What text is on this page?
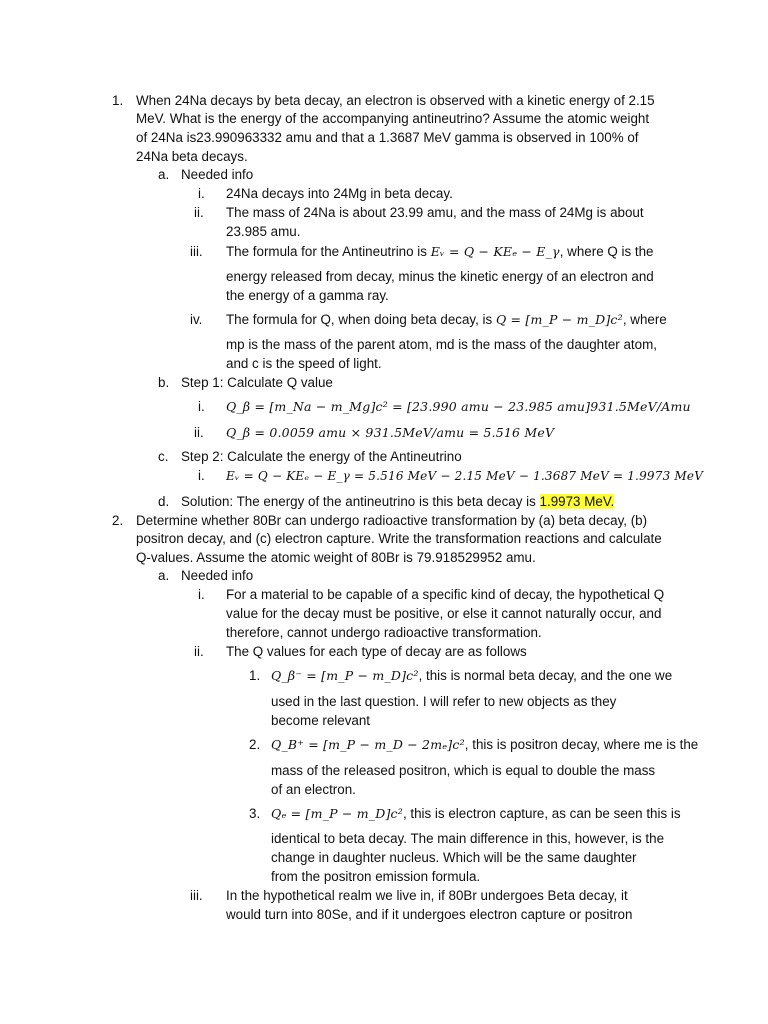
1. When 24Na decays by beta decay, an electron is observed with a kinetic energy of 2.15
MeV. What is the energy of the accompanying antineutrino? Assume the atomic weight
of 24Na is23.990963332 amu and that a 1.3687 MeV gamma is observed in 100% of
24Na beta decays.
a. Needed info
i. 24Na decays into 24Mg in beta decay.
ii. The mass of 24Na is about 23.99 amu, and the mass of 24Mg is about
23.985 amu.
iii. The formula for the Antineutrino is Eᵥ = Q − KEₑ − E_γ, where Q is the
energy released from decay, minus the kinetic energy of an electron and
the energy of a gamma ray.
iv. The formula for Q, when doing beta decay, is Q = [m_P − m_D]c², where
mp is the mass of the parent atom, md is the mass of the daughter atom,
and c is the speed of light.
b. Step 1: Calculate Q value
i. Q_β = [m_Na − m_Mg]c² = [23.990 amu − 23.985 amu]931.5MeV/Amu
ii. Q_β = 0.0059 amu × 931.5MeV/amu = 5.516 MeV
c. Step 2: Calculate the energy of the Antineutrino
i. Eᵥ = Q − KEₑ − E_γ = 5.516 MeV − 2.15 MeV − 1.3687 MeV = 1.9973 MeV
d. Solution: The energy of the antineutrino is this beta decay is 1.9973 MeV.
2. Determine whether 80Br can undergo radioactive transformation by (a) beta decay, (b)
positron decay, and (c) electron capture. Write the transformation reactions and calculate
Q-values. Assume the atomic weight of 80Br is 79.918529952 amu.
a. Needed info
i. For a material to be capable of a specific kind of decay, the hypothetical Q
value for the decay must be positive, or else it cannot naturally occur, and
therefore, cannot undergo radioactive transformation.
ii. The Q values for each type of decay are as follows
1. Q_β⁻ = [m_P − m_D]c², this is normal beta decay, and the one we
used in the last question. I will refer to new objects as they
become relevant
2. Q_B⁺ = [m_P − m_D − 2mₑ]c², this is positron decay, where me is the
mass of the released positron, which is equal to double the mass
of an electron.
3. Qₑ = [m_P − m_D]c², this is electron capture, as can be seen this is
identical to beta decay. The main difference in this, however, is the
change in daughter nucleus. Which will be the same daughter
from the positron emission formula.
iii. In the hypothetical realm we live in, if 80Br undergoes Beta decay, it
would turn into 80Se, and if it undergoes electron capture or positron
